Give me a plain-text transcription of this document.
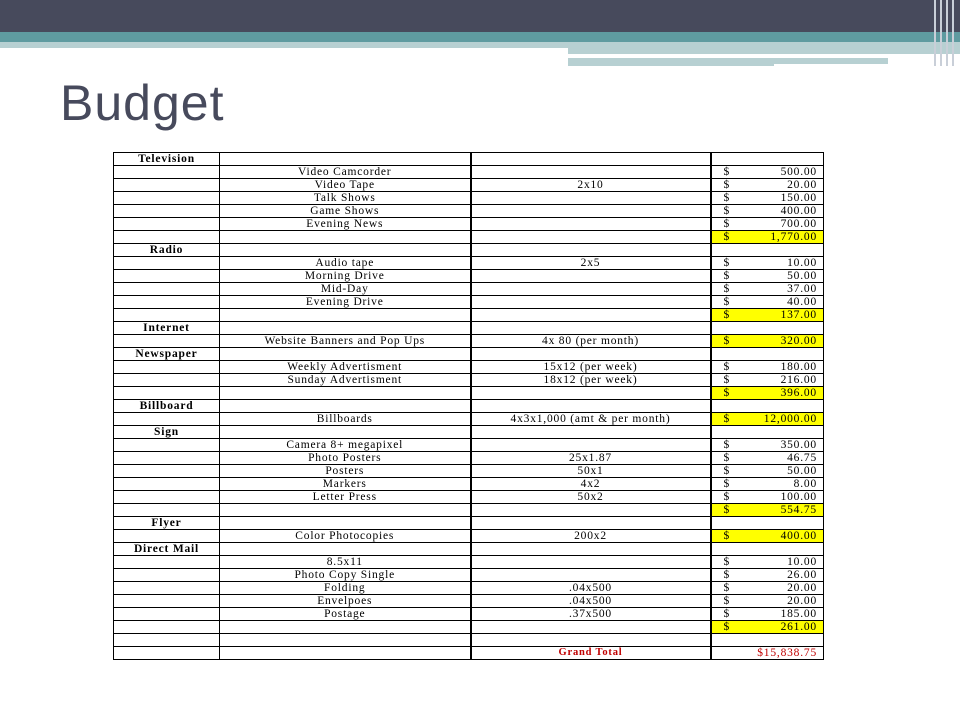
Budget
Television			

	Video Camcorder		$ 500.00
	Video Tape	2x10	$ 20.00
	Talk Shows		$ 150.00
	Game Shows		$ 400.00
	Evening News		$ 700.00

			$ 1,770.00
Radio			

	Audio tape	2x5	$ 10.00
	Morning Drive		$ 50.00
	Mid-Day		$ 37.00
	Evening Drive		$ 40.00

			$ 137.00
Internet			

	Website Banners and Pop Ups	4x 80 (per month)	$ 320.00
Newspaper			

	Weekly Advertisment	15x12 (per week)	$ 180.00
	Sunday Advertisment	18x12 (per week)	$ 216.00

			$ 396.00
Billboard			

	Billboards	4x3x1,000 (amt & per month)	$ 12,000.00
Sign			

	Camera 8+ megapixel		$ 350.00
	Photo Posters	25x1.87	$ 46.75
	Posters	50x1	$ 50.00
	Markers	4x2	$ 8.00
	Letter Press	50x2	$ 100.00

			$ 554.75
Flyer			

	Color Photocopies	200x2	$ 400.00
Direct Mail			

	8.5x11		$ 10.00
	Photo Copy Single		$ 26.00
	Folding	.04x500	$ 20.00
	Envelpoes	.04x500	$ 20.00
	Postage	.37x500	$ 185.00

			$ 261.00

		Grand Total	$15,838.75
